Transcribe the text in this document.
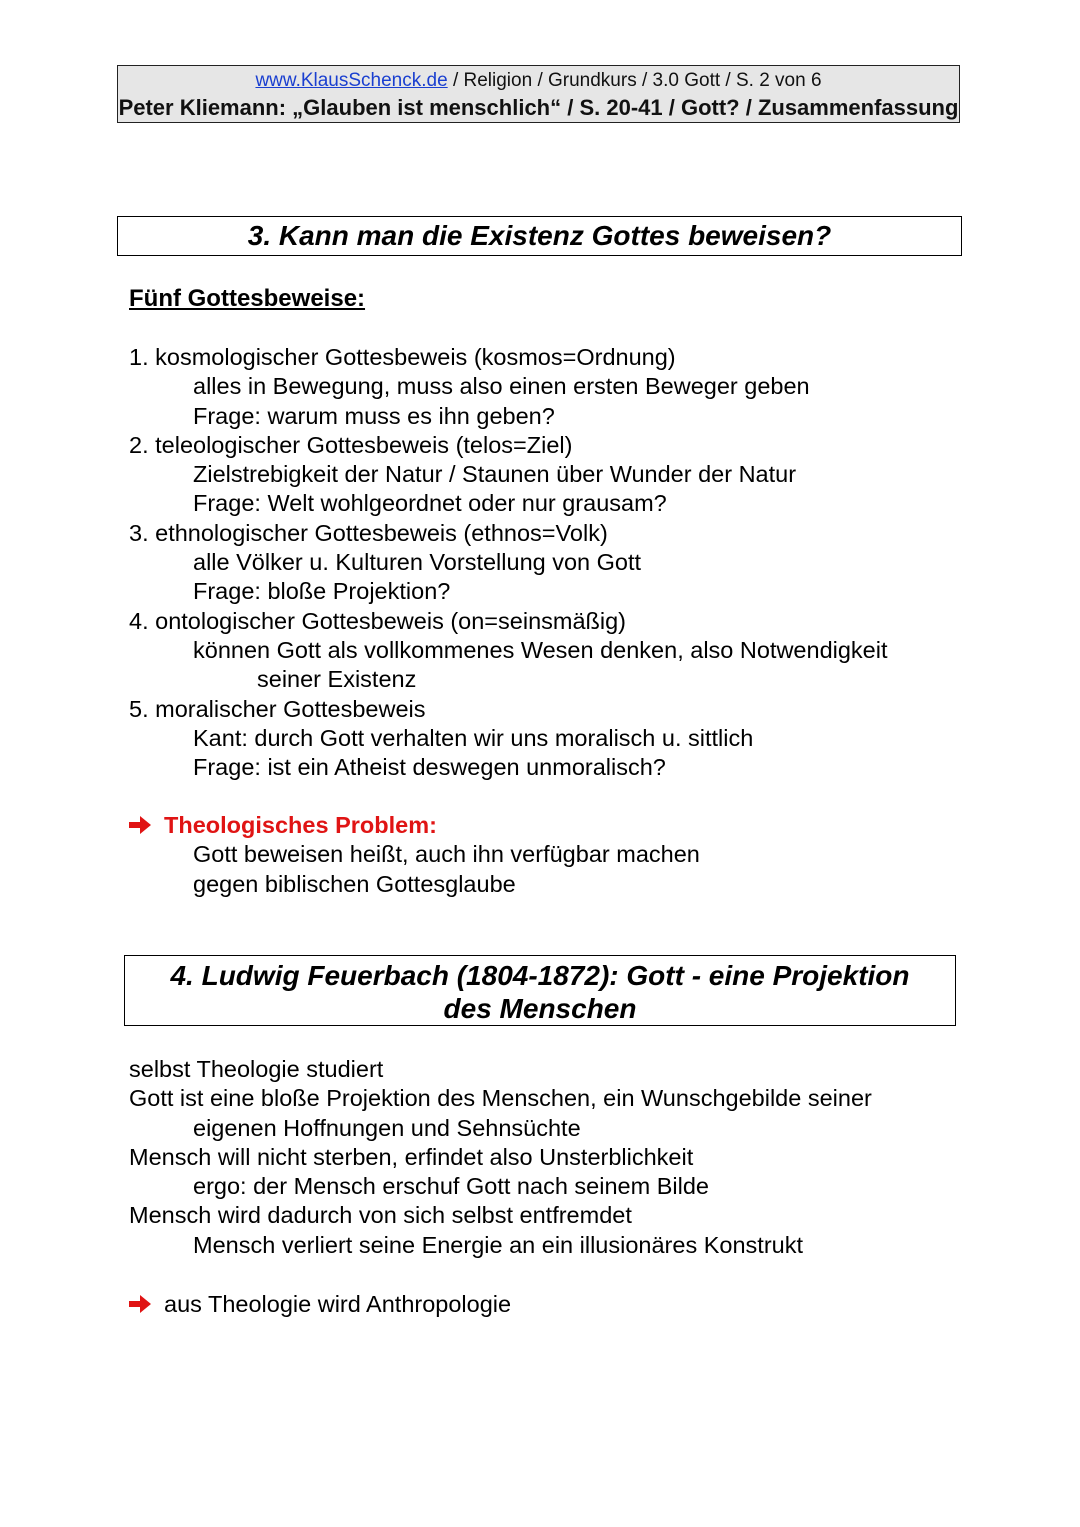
www.KlausSchenck.de / Religion / Grundkurs / 3.0 Gott / S. 2 von 6
Peter Kliemann: „Glauben ist menschlich“ / S. 20-41 / Gott? / Zusammenfassung
3. Kann man die Existenz Gottes beweisen?
Fünf Gottesbeweise:
1. kosmologischer Gottesbeweis (kosmos=Ordnung)
alles in Bewegung, muss also einen ersten Beweger geben
Frage: warum muss es ihn geben?
2. teleologischer Gottesbeweis (telos=Ziel)
Zielstrebigkeit der Natur / Staunen über Wunder der Natur
Frage: Welt wohlgeordnet oder nur grausam?
3. ethnologischer Gottesbeweis (ethnos=Volk)
alle Völker u. Kulturen Vorstellung von Gott
Frage: bloße Projektion?
4. ontologischer Gottesbeweis (on=seinsmäßig)
können Gott als vollkommenes Wesen denken, also Notwendigkeit
seiner Existenz
5. moralischer Gottesbeweis
Kant: durch Gott verhalten wir uns moralisch u. sittlich
Frage: ist ein Atheist deswegen unmoralisch?
Theologisches Problem:
Gott beweisen heißt, auch ihn verfügbar machen
gegen biblischen Gottesglaube
4. Ludwig Feuerbach (1804-1872): Gott - eine Projektion
des Menschen
selbst Theologie studiert
Gott ist eine bloße Projektion des Menschen, ein Wunschgebilde seiner
eigenen Hoffnungen und Sehnsüchte
Mensch will nicht sterben, erfindet also Unsterblichkeit
ergo: der Mensch erschuf Gott nach seinem Bilde
Mensch wird dadurch von sich selbst entfremdet
Mensch verliert seine Energie an ein illusionäres Konstrukt
aus Theologie wird Anthropologie
